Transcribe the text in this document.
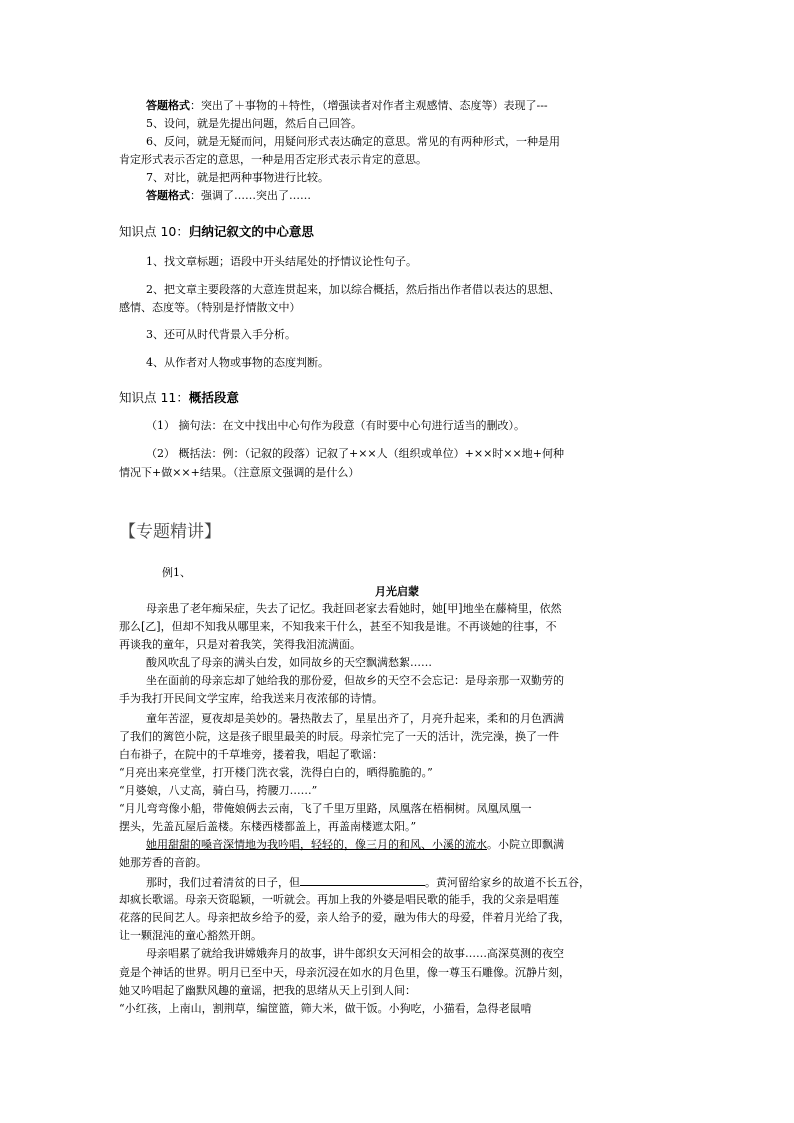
答题格式：突出了＋事物的＋特性，（增强读者对作者主观感情、态度等）表现了---
5、设问，就是先提出问题，然后自己回答。
6、反问，就是无疑而问，用疑问形式表达确定的意思。常见的有两种形式，一种是用
肯定形式表示否定的意思，一种是用否定形式表示肯定的意思。
7、对比，就是把两种事物进行比较。
答题格式：强调了……突出了……
知识点 10：归纳记叙文的中心意思
1、找文章标题；语段中开头结尾处的抒情议论性句子。
2、把文章主要段落的大意连贯起来，加以综合概括，然后指出作者借以表达的思想、
感情、态度等。（特别是抒情散文中）
3、还可从时代背景入手分析。
4、从作者对人物或事物的态度判断。
知识点 11：概括段意
（1） 摘句法：在文中找出中心句作为段意（有时要中心句进行适当的删改）。
（2） 概括法：例：（记叙的段落）记叙了+××人（组织或单位）+××时××地+何种
情况下+做××+结果。（注意原文强调的是什么）
【专题精讲】
例1、
月光启蒙
母亲患了老年痴呆症，失去了记忆。我赶回老家去看她时，她[甲]地坐在藤椅里，依然
那么[乙]，但却不知我从哪里来，不知我来干什么，甚至不知我是谁。不再谈她的往事，不
再谈我的童年，只是对着我笑，笑得我泪流满面。
酸风吹乱了母亲的满头白发，如同故乡的天空飘满愁絮……
坐在面前的母亲忘却了她给我的那份爱，但故乡的天空不会忘记：是母亲那一双勤劳的
手为我打开民间文学宝库，给我送来月夜浓郁的诗情。
童年苦涩，夏夜却是美妙的。暑热散去了，星星出齐了，月亮升起来，柔和的月色洒满
了我们的篱笆小院，这是孩子眼里最美的时辰。母亲忙完了一天的活计，洗完澡，换了一件
白布褂子，在院中的千草堆旁，搂着我，唱起了歌谣：
“月亮出来亮堂堂，打开楼门洗衣裳，洗得白白的，晒得脆脆的。”
“月婆娘，八丈高，骑白马，挎腰刀……”
“月儿弯弯像小船，带俺娘俩去云南，飞了千里万里路，凤凰落在梧桐树。凤凰凤凰一
摆头，先盖瓦屋后盖楼。东楼西楼都盖上，再盖南楼遮太阳。”
她用甜甜的嗓音深情地为我吟唱，轻轻的，像三月的和风、小溪的流水。小院立即飘满
她那芳香的音韵。
那时，我们过着清贫的日子，但	。黄河留给家乡的故道不长五谷，
却疯长歌谣。母亲天资聪颖，一听就会。再加上我的外婆是唱民歌的能手，我的父亲是唱莲
花落的民间艺人。母亲把故乡给予的爱，亲人给予的爱，融为伟大的母爱，伴着月光给了我，
让一颗混沌的童心豁然开朗。
母亲唱累了就给我讲嫦娥奔月的故事，讲牛郎织女天河相会的故事……高深莫测的夜空
竟是个神话的世界。明月已至中天，母亲沉浸在如水的月色里，像一尊玉石雕像。沉静片刻，
她又吟唱起了幽默风趣的童谣，把我的思绪从天上引到人间：
“小红孩，上南山，割荆草，编筐篮，筛大米，做干饭。小狗吃，小猫看，急得老鼠啃
